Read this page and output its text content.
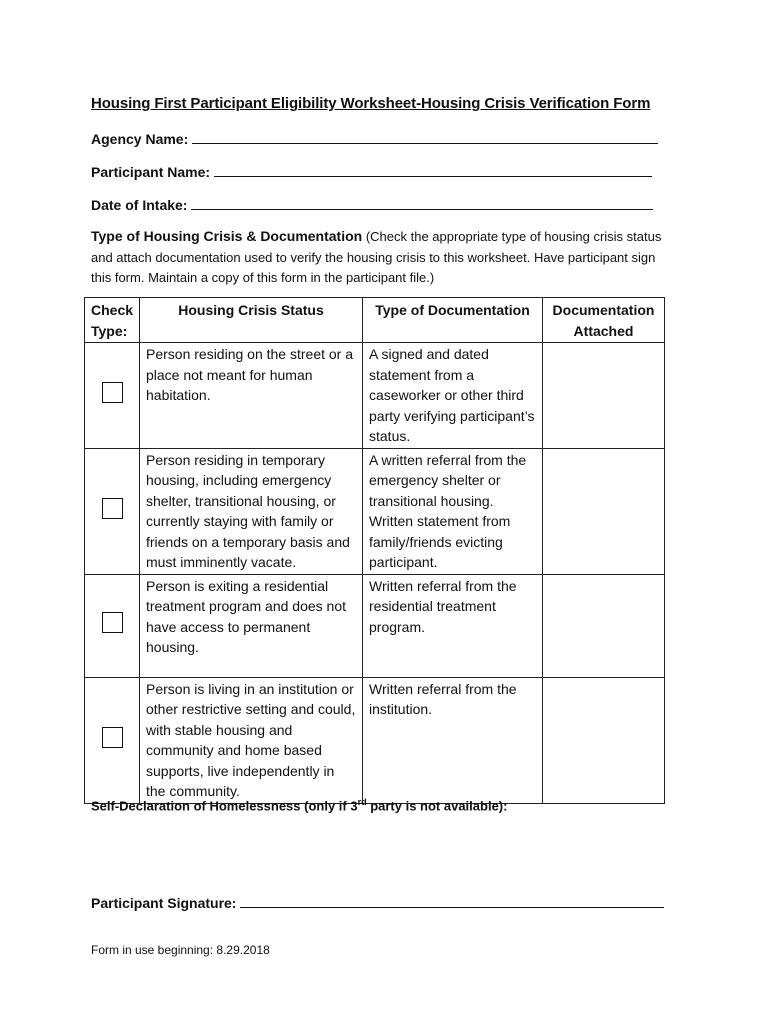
Housing First Participant Eligibility Worksheet-Housing Crisis Verification Form
Agency Name:
Participant Name:
Date of Intake:
Type of Housing Crisis & Documentation (Check the appropriate type of housing crisis status and attach documentation used to verify the housing crisis to this worksheet. Have participant sign this form. Maintain a copy of this form in the participant file.)
Check Type:	Housing Crisis Status	Type of Documentation	Documentation Attached
	Person residing on the street or a place not meant for human habitation.	A signed and dated statement from a caseworker or other third party verifying participant’s status.	
	Person residing in temporary housing, including emergency shelter, transitional housing, or currently staying with family or friends on a temporary basis and must imminently vacate.	A written referral from the emergency shelter or transitional housing. Written statement from family/friends evicting participant.	
	Person is exiting a residential treatment program and does not have access to permanent housing.	Written referral from the residential treatment program.	
	Person is living in an institution or other restrictive setting and could, with stable housing and community and home based supports, live independently in the community.	Written referral from the institution.	
Self-Declaration of Homelessness (only if 3rd party is not available):
Participant Signature:
Form in use beginning: 8.29.2018
